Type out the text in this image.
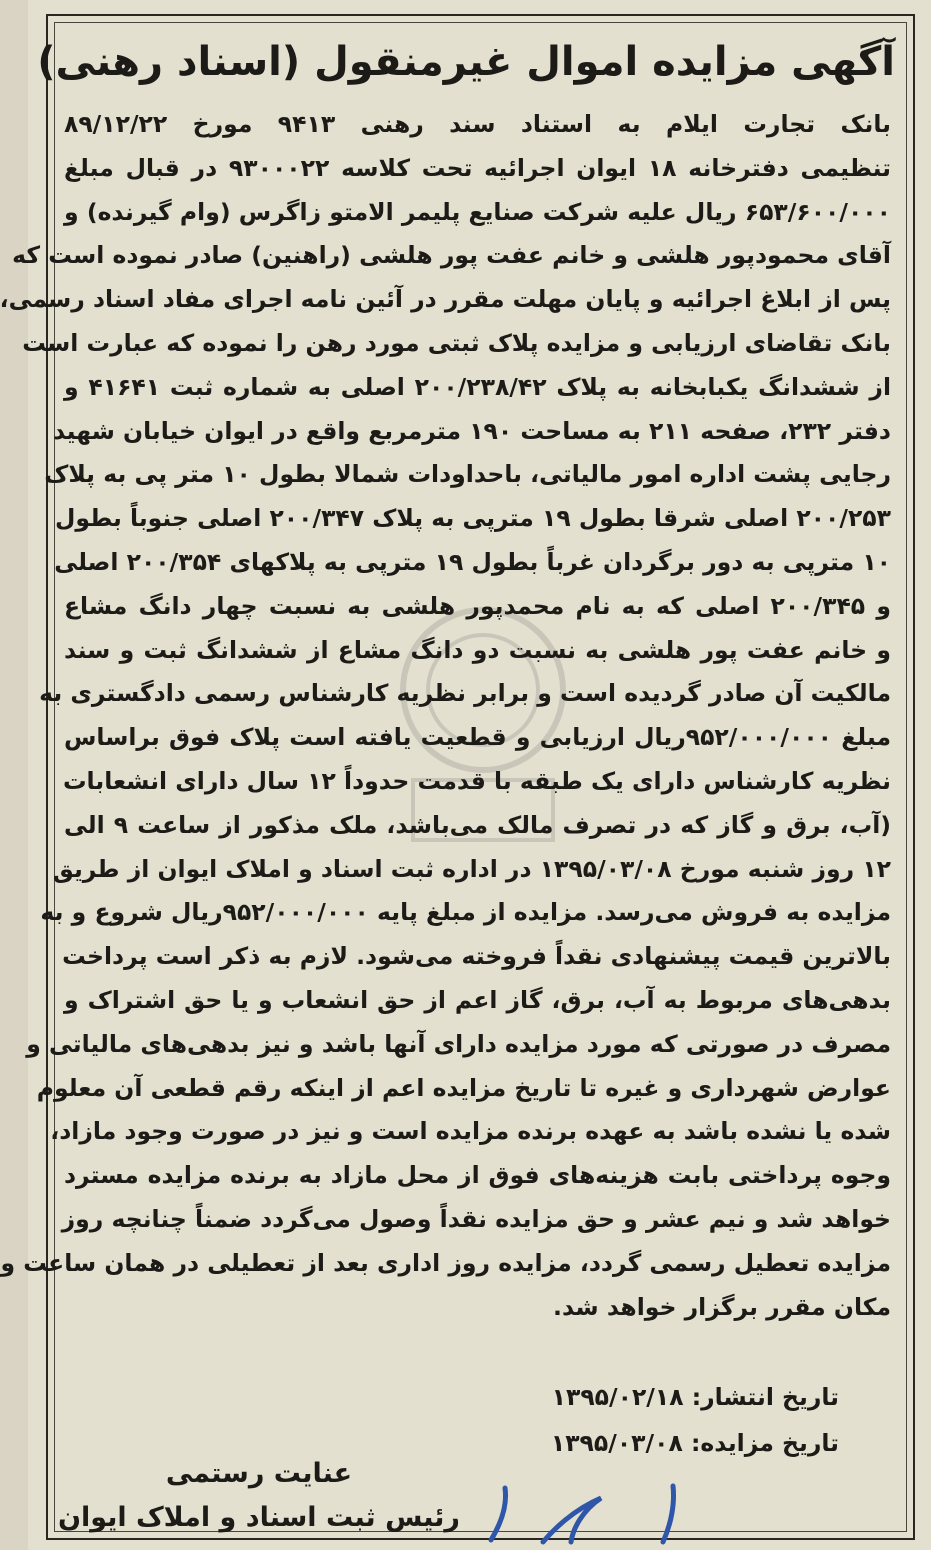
آگهی مزایده اموال غیرمنقول (اسناد رهنی)
بانک تجارت ایلام به استناد سند رهنی ۹۴۱۳ مورخ ۸۹/۱۲/۲۲
تنظیمی دفترخانه ۱۸ ایوان اجرائیه تحت کلاسه ۹۳۰۰۰۲۲ در قبال مبلغ
۶۵۳/۶۰۰/۰۰۰ ریال علیه شرکت صنایع پلیمر الامتو زاگرس (وام گیرنده) و
آقای محمودپور هلشی و خانم عفت پور هلشی (راهنین) صادر نموده است که
پس از ابلاغ اجرائیه و پایان مهلت مقرر در آئین نامه اجرای مفاد اسناد رسمی،
بانک تقاضای ارزیابی و مزایده پلاک ثبتی مورد رهن را نموده که عبارت است
از ششدانگ یکبابخانه به پلاک ۲۰۰/۲۳۸/۴۲ اصلی به شماره ثبت ۴۱۶۴۱ و
دفتر ۲۳۲، صفحه ۲۱۱ به مساحت ۱۹۰ مترمربع واقع در ایوان خیابان شهید
رجایی پشت اداره امور مالیاتی، باحداودات شمالا بطول ۱۰ متر پی به پلاک
۲۰۰/۲۵۳ اصلی شرقا بطول ۱۹ مترپی به پلاک ۲۰۰/۳۴۷ اصلی جنوباً بطول
۱۰ مترپی به دور برگردان غرباً بطول ۱۹ مترپی به پلاکهای ۲۰۰/۳۵۴ اصلی
و ۲۰۰/۳۴۵ اصلی که به نام محمدپور هلشی به نسبت چهار دانگ مشاع
و خانم عفت پور هلشی به نسبت دو دانگ مشاع از ششدانگ ثبت و سند
مالکیت آن صادر گردیده است و برابر نظریه کارشناس رسمی دادگستری به
مبلغ ۹۵۲/۰۰۰/۰۰۰ریال ارزیابی و قطعیت یافته است پلاک فوق براساس
نظریه کارشناس دارای یک طبقه با قدمت حدوداً ۱۲ سال دارای انشعابات
(آب، برق و گاز که در تصرف مالک می‌باشد، ملک مذکور از ساعت ۹ الی
۱۲ روز شنبه مورخ ۱۳۹۵/۰۳/۰۸ در اداره ثبت اسناد و املاک ایوان از طریق
مزایده به فروش می‌رسد. مزایده از مبلغ پایه ۹۵۲/۰۰۰/۰۰۰ریال شروع و به
بالاترین قیمت پیشنهادی نقداً فروخته می‌شود. لازم به ذکر است پرداخت
بدهی‌های مربوط به آب، برق، گاز اعم از حق انشعاب و یا حق اشتراک و
مصرف در صورتی که مورد مزایده دارای آنها باشد و نیز بدهی‌های مالیاتی و
عوارض شهرداری و غیره تا تاریخ مزایده اعم از اینکه رقم قطعی آن معلوم
شده یا نشده باشد به عهده برنده مزایده است و نیز در صورت وجود مازاد،
وجوه پرداختی بابت هزینه‌های فوق از محل مازاد به برنده مزایده مسترد
خواهد شد و نیم عشر و حق مزایده نقداً وصول می‌گردد ضمناً چنانچه روز
مزایده تعطیل رسمی گردد، مزایده روز اداری بعد از تعطیلی در همان ساعت و
مکان مقرر برگزار خواهد شد.
تاریخ انتشار: ۱۳۹۵/۰۲/۱۸
تاریخ مزایده: ۱۳۹۵/۰۳/۰۸
عنایت رستمی
رئیس ثبت اسناد و املاک ایوان
